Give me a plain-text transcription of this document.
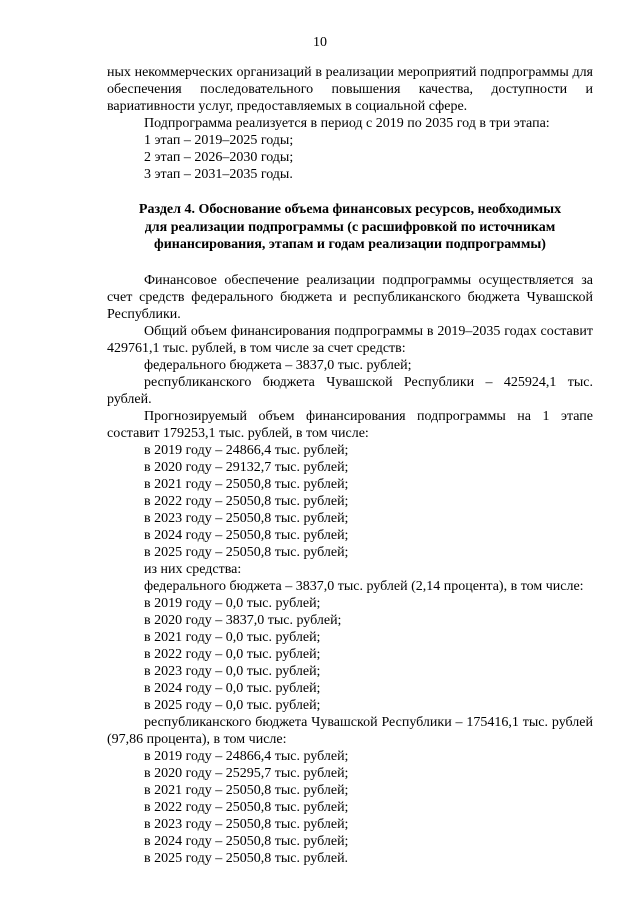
10

ных некоммерческих организаций в реализации мероприятий подпрограммы для обеспечения последовательного повышения качества, доступности и вариативности услуг, предоставляемых в социальной сфере.

Подпрограмма реализуется в период с 2019 по 2035 год в три этапа:

1 этап – 2019–2025 годы;

2 этап – 2026–2030 годы;

3 этап – 2031–2035 годы.

Раздел 4. Обоснование объема финансовых ресурсов, необходимых для реализации подпрограммы (с расшифровкой по источникам финансирования, этапам и годам реализации подпрограммы)

Финансовое обеспечение реализации подпрограммы осуществляется за счет средств федерального бюджета и республиканского бюджета Чувашской Республики.

Общий объем финансирования подпрограммы в 2019–2035 годах составит 429761,1 тыс. рублей, в том числе за счет средств:

федерального бюджета – 3837,0 тыс. рублей;

республиканского бюджета Чувашской Республики – 425924,1 тыс. рублей.

Прогнозируемый объем финансирования подпрограммы на 1 этапе составит 179253,1 тыс. рублей, в том числе:

в 2019 году – 24866,4 тыс. рублей;

в 2020 году – 29132,7 тыс. рублей;

в 2021 году – 25050,8 тыс. рублей;

в 2022 году – 25050,8 тыс. рублей;

в 2023 году – 25050,8 тыс. рублей;

в 2024 году – 25050,8 тыс. рублей;

в 2025 году – 25050,8 тыс. рублей;

из них средства:

федерального бюджета – 3837,0 тыс. рублей (2,14 процента), в том числе:

в 2019 году – 0,0 тыс. рублей;

в 2020 году – 3837,0 тыс. рублей;

в 2021 году – 0,0 тыс. рублей;

в 2022 году – 0,0 тыс. рублей;

в 2023 году – 0,0 тыс. рублей;

в 2024 году – 0,0 тыс. рублей;

в 2025 году – 0,0 тыс. рублей;

республиканского бюджета Чувашской Республики – 175416,1 тыс. рублей (97,86 процента), в том числе:

в 2019 году – 24866,4 тыс. рублей;

в 2020 году – 25295,7 тыс. рублей;

в 2021 году – 25050,8 тыс. рублей;

в 2022 году – 25050,8 тыс. рублей;

в 2023 году – 25050,8 тыс. рублей;

в 2024 году – 25050,8 тыс. рублей;

в 2025 году – 25050,8 тыс. рублей.
